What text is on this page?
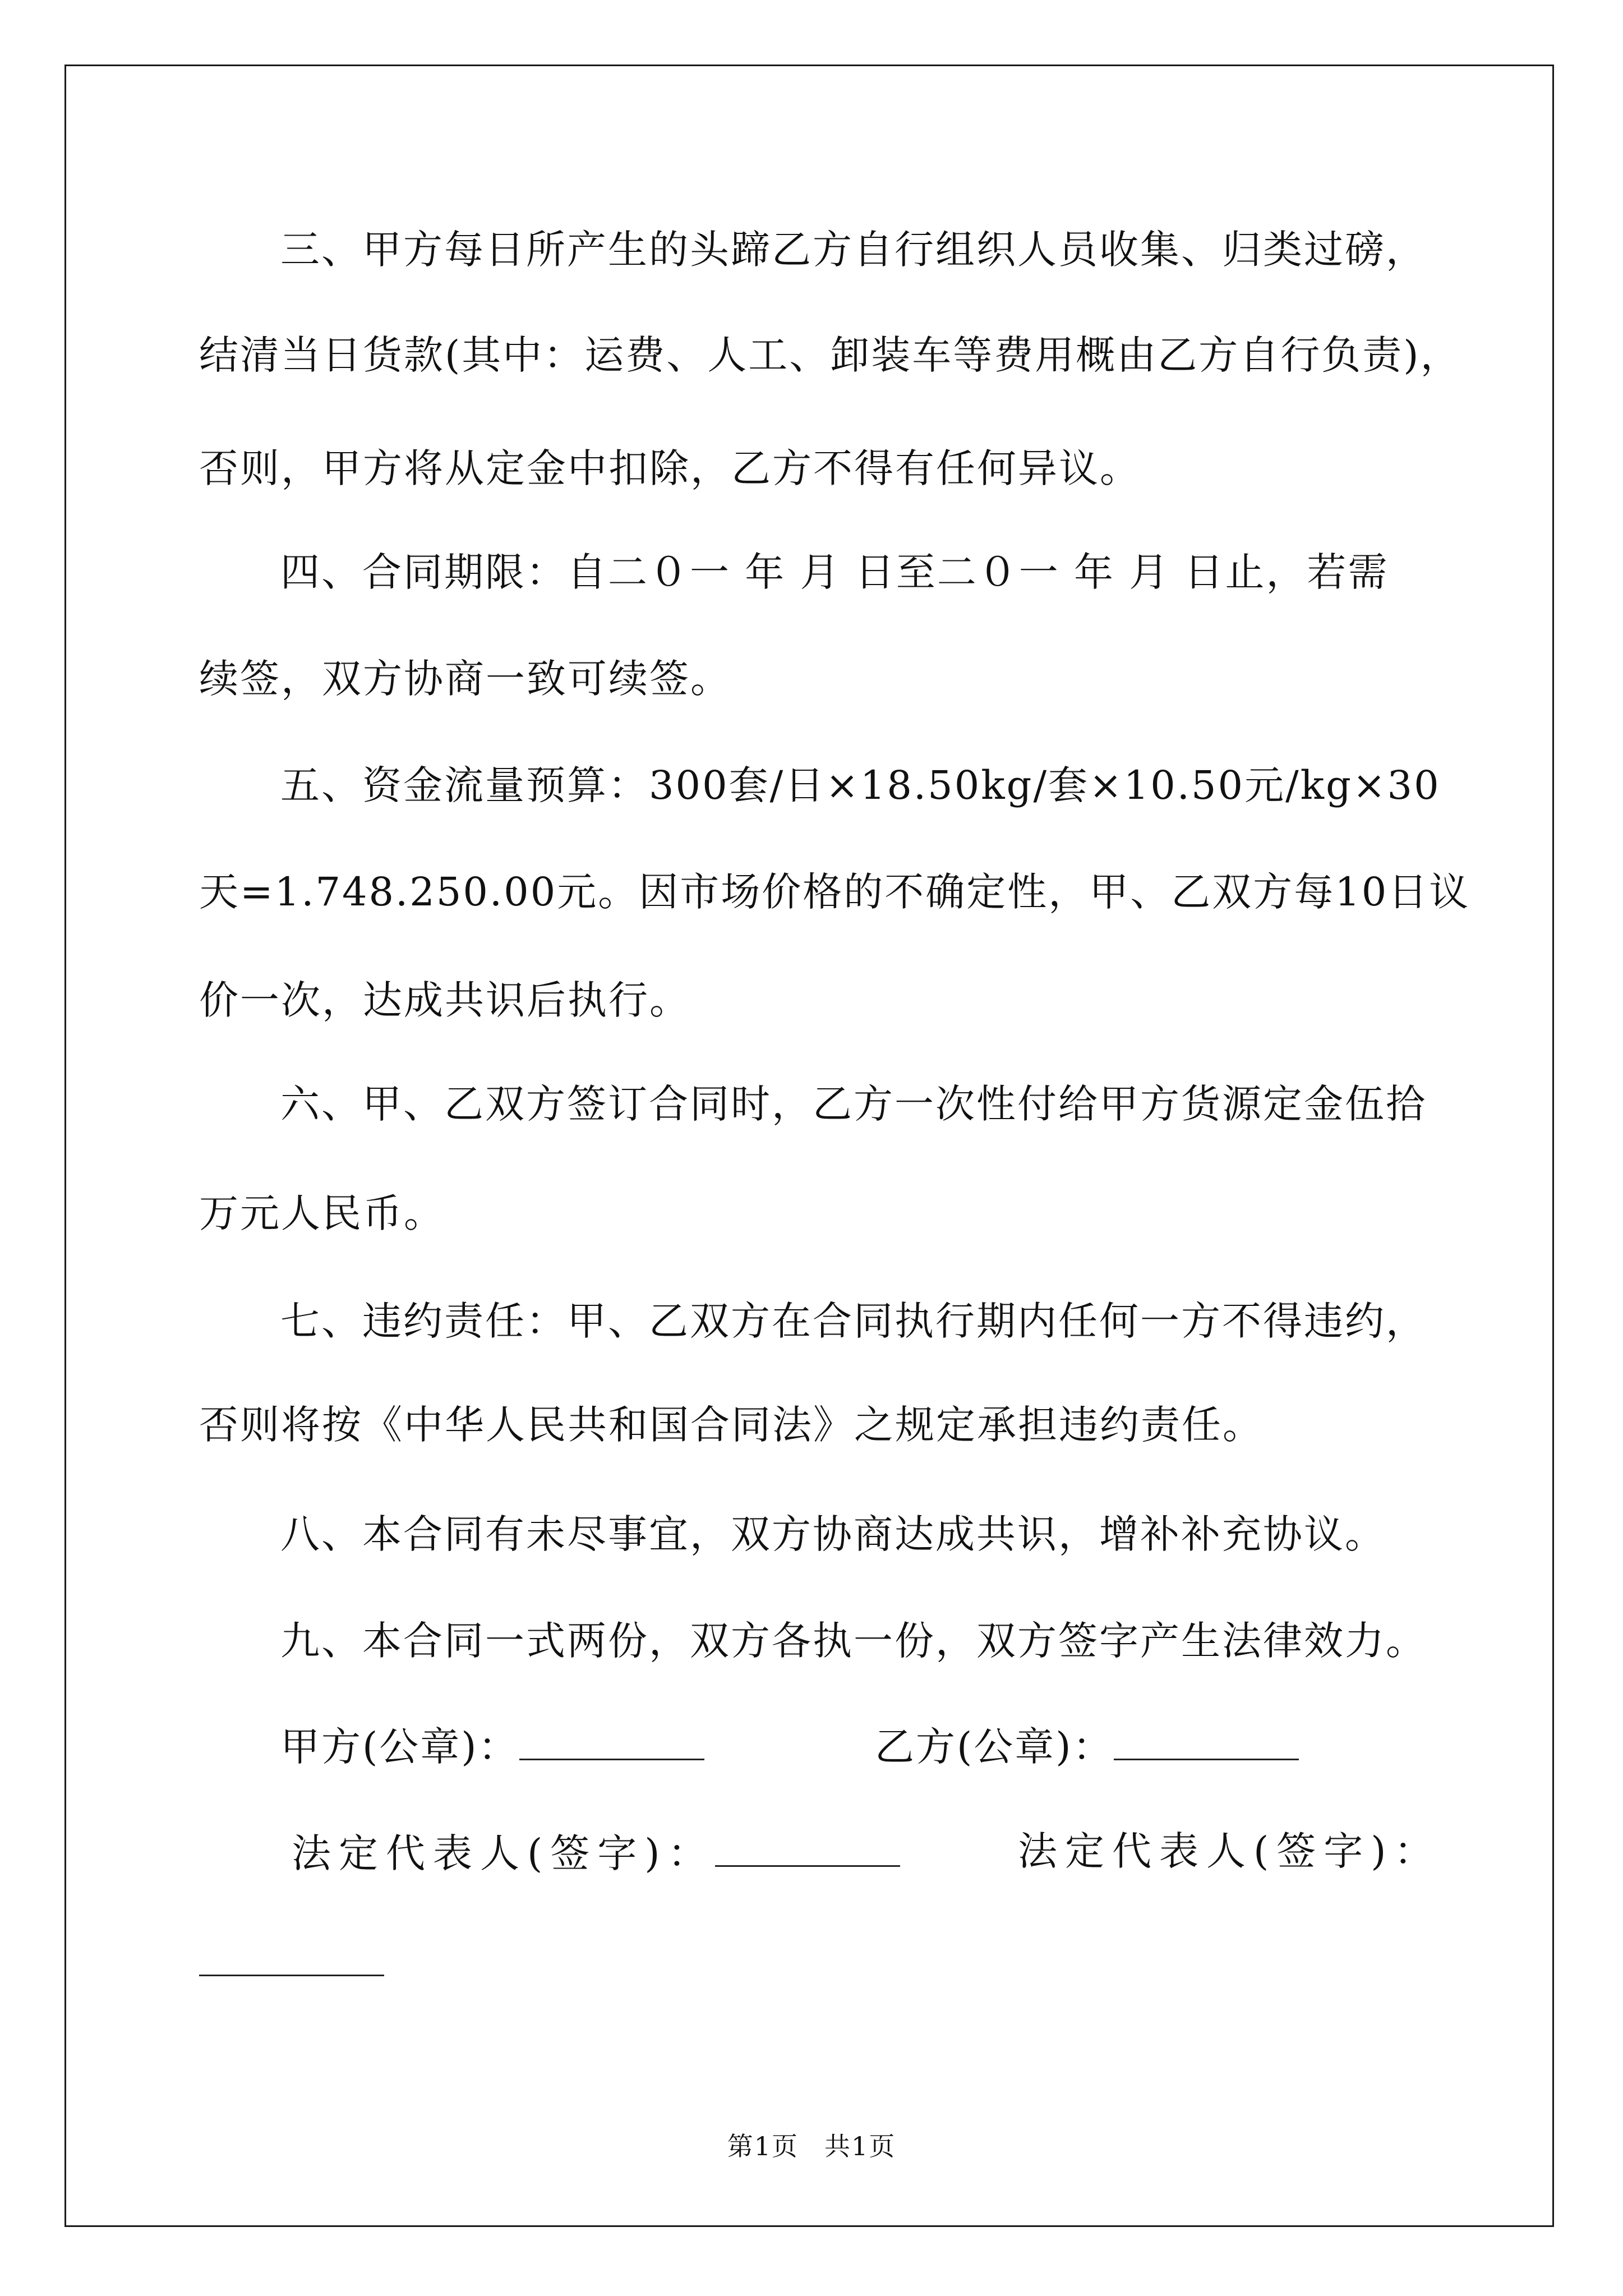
三、甲方每日所产生的头蹄乙方自行组织人员收集、归类过磅，
结清当日货款(其中：运费、人工、卸装车等费用概由乙方自行负责)，
否则，甲方将从定金中扣除，乙方不得有任何异议。
四、合同期限：自二０一 年 月 日至二０一 年 月 日止，若需
续签，双方协商一致可续签。
五、资金流量预算：300套/日×18.50kg/套×10.50元/kg×30
天=1.748.250.00元。因市场价格的不确定性，甲、乙双方每10日议
价一次，达成共识后执行。
六、甲、乙双方签订合同时，乙方一次性付给甲方货源定金伍拾
万元人民币。
七、违约责任：甲、乙双方在合同执行期内任何一方不得违约，
否则将按《中华人民共和国合同法》之规定承担违约责任。
八、本合同有未尽事宜，双方协商达成共识，增补补充协议。
九、本合同一式两份，双方各执一份，双方签字产生法律效力。
甲方(公章)：	乙方(公章)：
法定代表人(签字)：	法定代表人(签字)：
第1页 共1页
